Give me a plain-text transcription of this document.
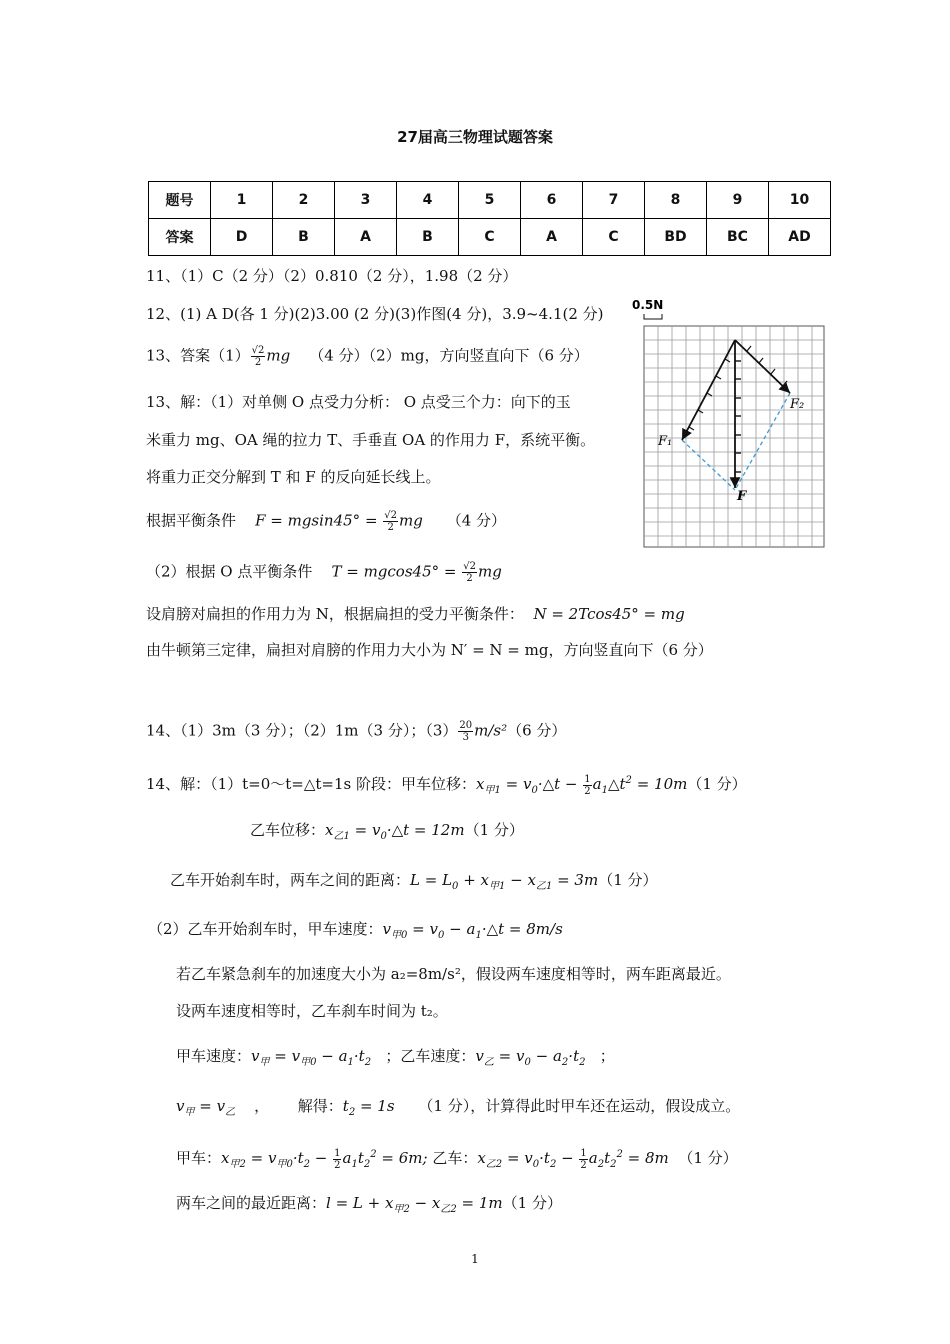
27届高三物理试题答案
题号	1	2	3	4	5	6	7	8	9	10
答案	D	B	A	B	C	A	C	BD	BC	AD
11、（1）C（2 分）（2）0.810（2 分），1.98（2 分）
12、(1) A D(各 1 分)(2)3.00 (2 分)(3)作图(4 分)，3.9~4.1(2 分)
13、答案$(1) \frac{√2}{2}$ mg （4 分）（2）mg，方向竖直向下（6 分）
13、解：（1）对单侧 O 点受力分析： O 点受三个力：向下的玉
米重力 mg、OA 绳的拉力 T、手垂直 OA 的作用力 F，系统平衡。
将重力正交分解到 T 和 F 的反向延长线上。
根据平衡条件 $F = mgsin45^\circ = \frac{√2}{2}$ mg （4 分）
（2）根据 O 点平衡条件 $T = mgcos45^\circ = \frac{√2}{2}$ mg
设肩膀对扁担的作用力为 N，根据扁担的受力平衡条件： N = 2Tcos45° = mg
由牛顿第三定律，扁担对肩膀的作用力大小为 N′ = N = mg，方向竖直向下（6 分）
14、（1）3m（3 分）；（2）1m（3 分）；$(3) \frac{20}{3} m/s^2(6$ 分）
14、解：（1）t=0～t=△t=1s 阶段：甲车位移：$x_{甲1}$ = $v_0\cdot\triangle t - \frac{1}{2}$ $a_1\triangle t^2 = 10m(1$ 分）
乙车位移：$x_{乙1}$ = $v_0\cdot\triangle t = 12m(1$ 分）
乙车开始刹车时，两车之间的距离：$L = L_0 + x_{甲1} - x_{乙1} = 3m(1$ 分）
（2）乙车开始刹车时，甲车速度：$v_{甲0} = v_0$ − $a_1\cdot\triangle t = 8m/s$
若乙车紧急刹车的加速度大小为 a₂=8m/s²，假设两车速度相等时，两车距离最近。
设两车速度相等时，乙车刹车时间为 t₂。
甲车速度：$v_甲 = v_{甲0} - a_1\cdot t_2$ ；乙车速度：$v_乙 = v_0 - a_2\cdot t_2$ ；
$v_甲 = v_乙$ ， 解得：$t_2 = 1s$ （1 分），计算得此时甲车还在运动，假设成立。
甲车：$x_{甲2} = v_{甲0}\cdot t_2 - \frac{1}{2} a_1t_2^2 = 6m$; 乙车：$x_{乙2} = v_0\cdot t_2 - \frac{1}{2} a_2t_2^2 = 8m$ （1 分）
两车之间的最近距离：$l = L + x_{甲2} - x_{乙2} = 1m(1$ 分）
0.5N
F₁
F₂
F
1
